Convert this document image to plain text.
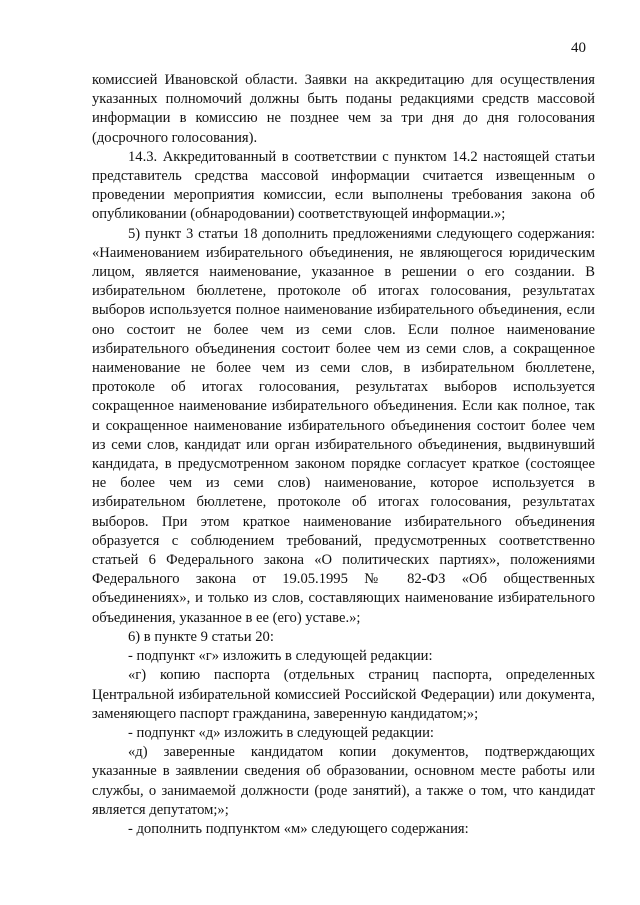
40

комиссией Ивановской области. Заявки на аккредитацию для осуществления указанных полномочий должны быть поданы редакциями средств массовой информации в комиссию не позднее чем за три дня до дня голосования (досрочного голосования).

14.3. Аккредитованный в соответствии с пунктом 14.2 настоящей статьи представитель средства массовой информации считается извещенным о проведении мероприятия комиссии, если выполнены требования закона об опубликовании (обнародовании) соответствующей информации.»;

5) пункт 3 статьи 18 дополнить предложениями следующего содержания: «Наименованием избирательного объединения, не являющегося юридическим лицом, является наименование, указанное в решении о его создании. В избирательном бюллетене, протоколе об итогах голосования, результатах выборов используется полное наименование избирательного объединения, если оно состоит не более чем из семи слов. Если полное наименование избирательного объединения состоит более чем из семи слов, а сокращенное наименование не более чем из семи слов, в избирательном бюллетене, протоколе об итогах голосования, результатах выборов используется сокращенное наименование избирательного объединения. Если как полное, так и сокращенное наименование избирательного объединения состоит более чем из семи слов, кандидат или орган избирательного объединения, выдвинувший кандидата, в предусмотренном законом порядке согласует краткое (состоящее не более чем из семи слов) наименование, которое используется в избирательном бюллетене, протоколе об итогах голосования, результатах выборов. При этом краткое наименование избирательного объединения образуется с соблюдением требований, предусмотренных соответственно статьей 6 Федерального закона «О политических партиях», положениями Федерального закона от 19.05.1995 № 82-ФЗ «Об общественных объединениях», и только из слов, составляющих наименование избирательного объединения, указанное в ее (его) уставе.»;

6) в пункте 9 статьи 20:

- подпункт «г» изложить в следующей редакции:

«г) копию паспорта (отдельных страниц паспорта, определенных Центральной избирательной комиссией Российской Федерации) или документа, заменяющего паспорт гражданина, заверенную кандидатом;»;

- подпункт «д» изложить в следующей редакции:

«д) заверенные кандидатом копии документов, подтверждающих указанные в заявлении сведения об образовании, основном месте работы или службы, о занимаемой должности (роде занятий), а также о том, что кандидат является депутатом;»;

- дополнить подпунктом «м» следующего содержания:
